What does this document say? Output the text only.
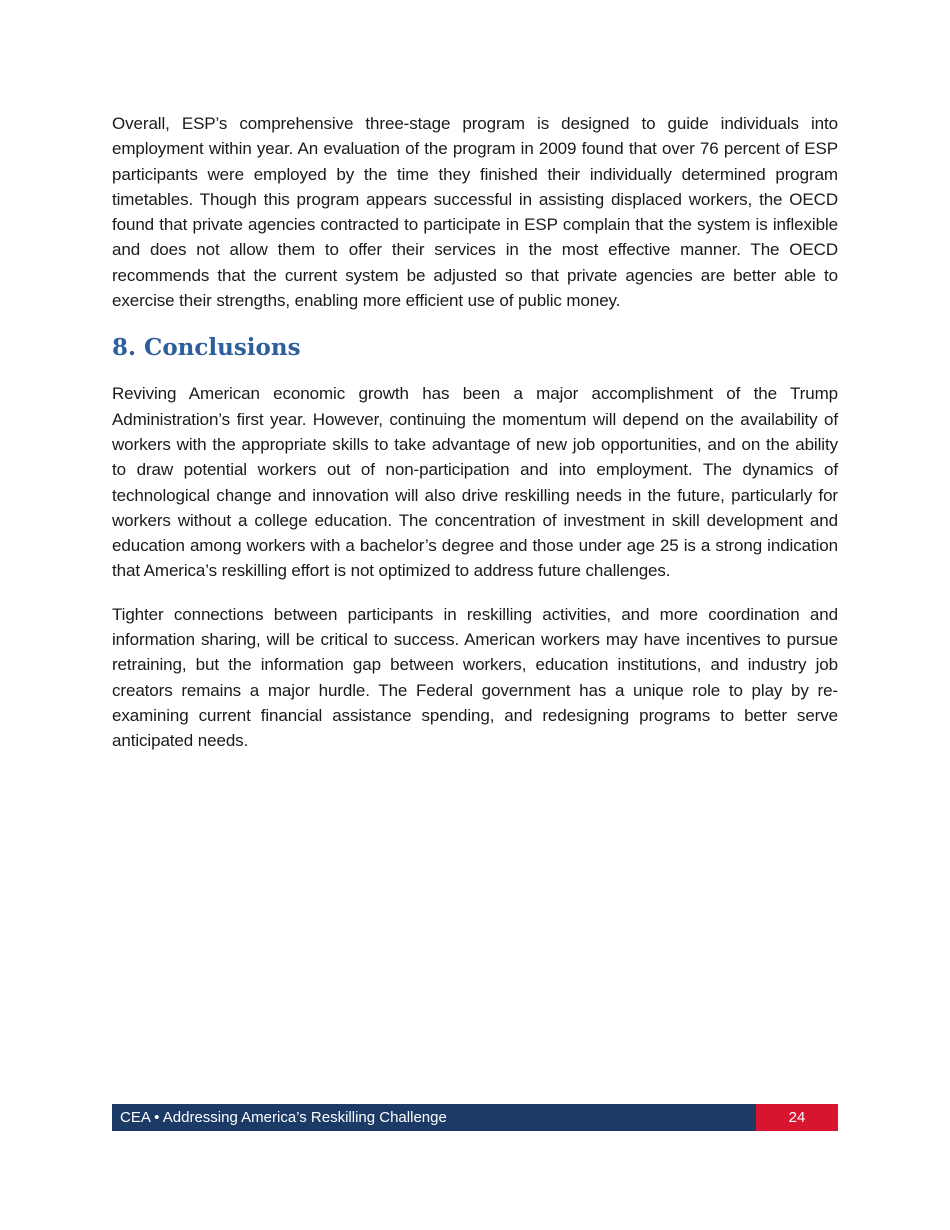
Overall, ESP’s comprehensive three-stage program is designed to guide individuals into employment within year. An evaluation of the program in 2009 found that over 76 percent of ESP participants were employed by the time they finished their individually determined program timetables. Though this program appears successful in assisting displaced workers, the OECD found that private agencies contracted to participate in ESP complain that the system is inflexible and does not allow them to offer their services in the most effective manner. The OECD recommends that the current system be adjusted so that private agencies are better able to exercise their strengths, enabling more efficient use of public money.

8. Conclusions

Reviving American economic growth has been a major accomplishment of the Trump Administration’s first year. However, continuing the momentum will depend on the availability of workers with the appropriate skills to take advantage of new job opportunities, and on the ability to draw potential workers out of non-participation and into employment. The dynamics of technological change and innovation will also drive reskilling needs in the future, particularly for workers without a college education. The concentration of investment in skill development and education among workers with a bachelor’s degree and those under age 25 is a strong indication that America’s reskilling effort is not optimized to address future challenges.

Tighter connections between participants in reskilling activities, and more coordination and information sharing, will be critical to success. American workers may have incentives to pursue retraining, but the information gap between workers, education institutions, and industry job creators remains a major hurdle. The Federal government has a unique role to play by re-examining current financial assistance spending, and redesigning programs to better serve anticipated needs.

CEA • Addressing America’s Reskilling Challenge	24
